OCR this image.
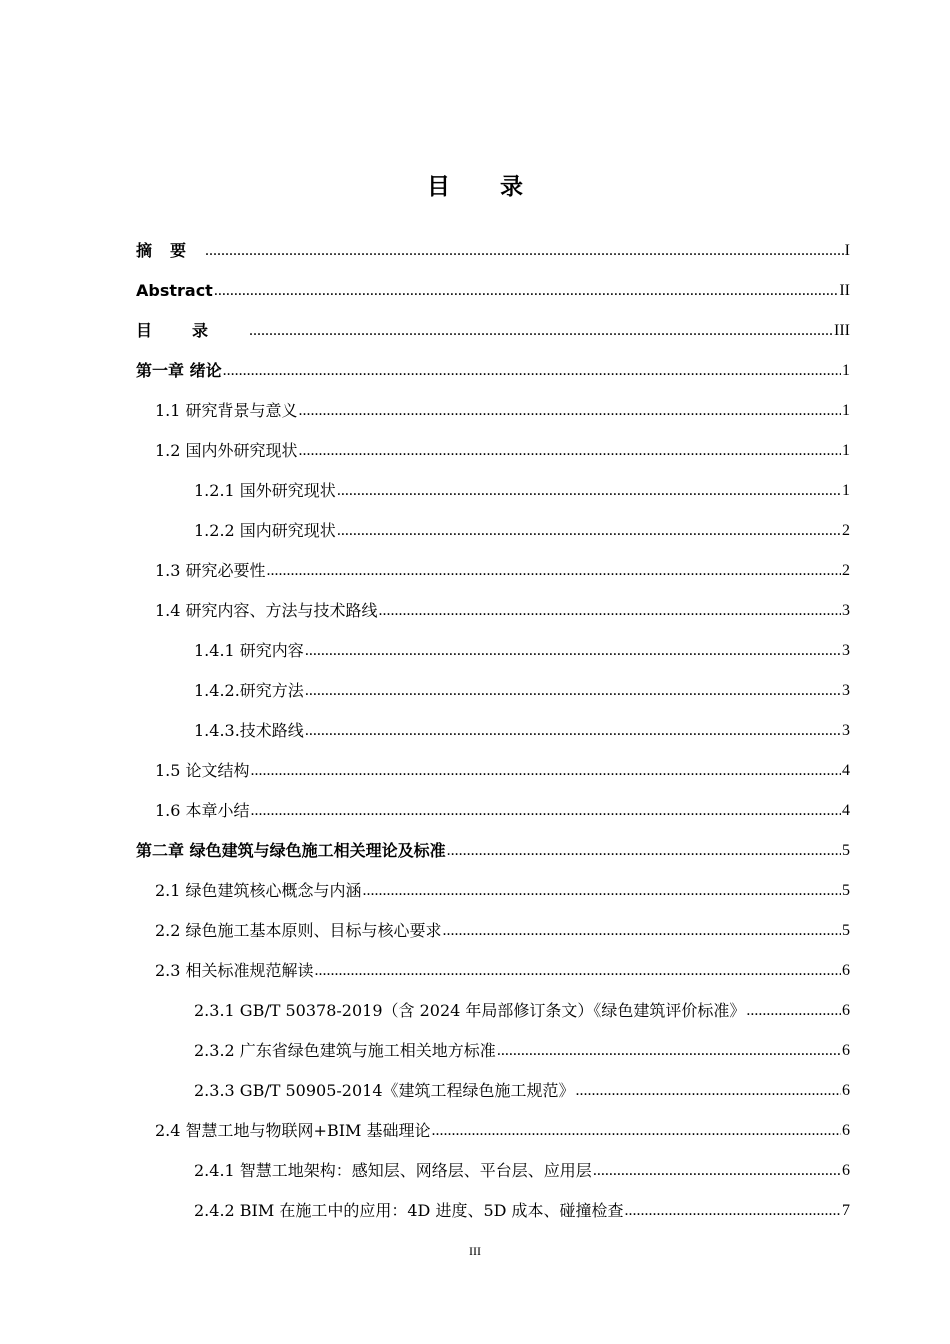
目录
摘要 .....	I
Abstract .....	II
目录 .....	III
第一章 绪论 .....	1
1.1 研究背景与意义 .....	1
1.2 国内外研究现状 .....	1
1.2.1 国外研究现状 .....	1
1.2.2 国内研究现状 .....	2
1.3 研究必要性 .....	2
1.4 研究内容、方法与技术路线 .....	3
1.4.1 研究内容 .....	3
1.4.2.研究方法 .....	3
1.4.3.技术路线 .....	3
1.5 论文结构 .....	4
1.6 本章小结 .....	4
第二章 绿色建筑与绿色施工相关理论及标准 .....	5
2.1 绿色建筑核心概念与内涵 .....	5
2.2 绿色施工基本原则、目标与核心要求 .....	5
2.3 相关标准规范解读 .....	6
2.3.1 GB/T 50378-2019（含 2024 年局部修订条文）《绿色建筑评价标准》 .....	6
2.3.2 广东省绿色建筑与施工相关地方标准 .....	6
2.3.3 GB/T 50905-2014《建筑工程绿色施工规范》 .....	6
2.4 智慧工地与物联网+BIM 基础理论 .....	6
2.4.1 智慧工地架构：感知层、网络层、平台层、应用层 .....	6
2.4.2 BIM 在施工中的应用：4D 进度、5D 成本、碰撞检查 .....	7
III
